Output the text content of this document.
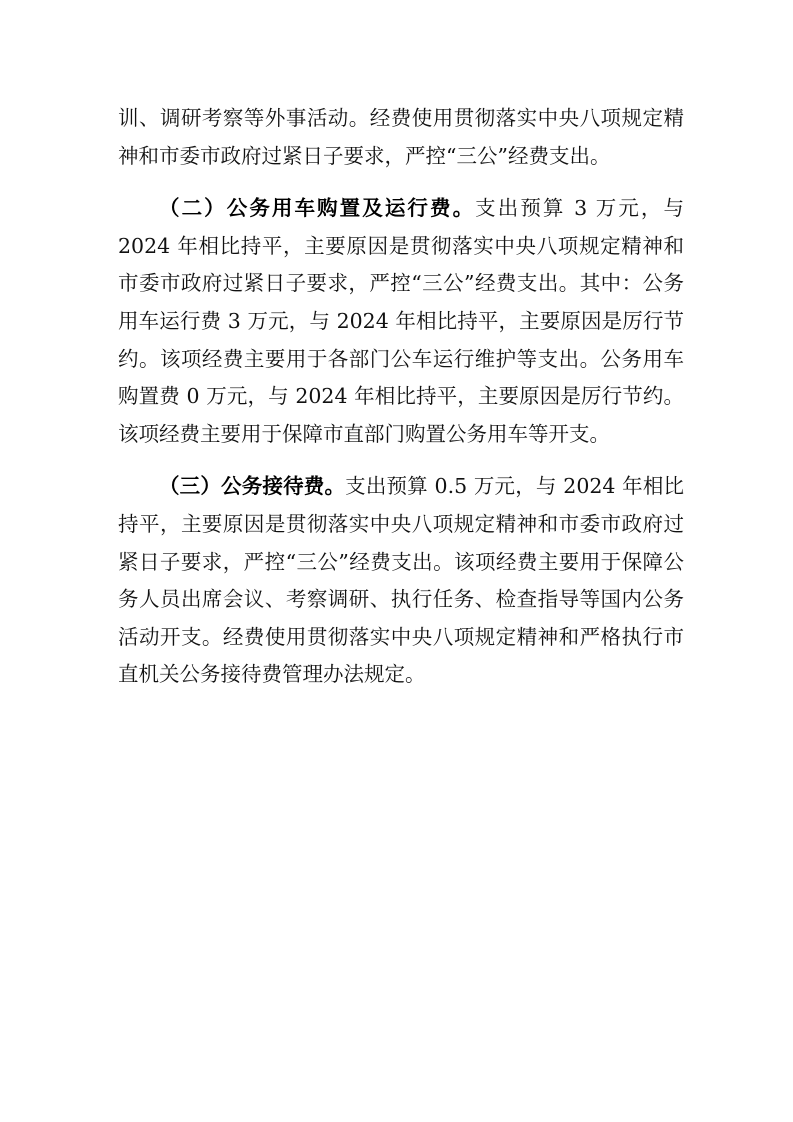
训、调研考察等外事活动。经费使用贯彻落实中央八项规定精神和市委市政府过紧日子要求，严控“三公”经费支出。

（二）公务用车购置及运行费。支出预算 3 万元，与 2024 年相比持平，主要原因是贯彻落实中央八项规定精神和市委市政府过紧日子要求，严控“三公”经费支出。其中：公务用车运行费 3 万元，与 2024 年相比持平，主要原因是厉行节约。该项经费主要用于各部门公车运行维护等支出。公务用车购置费 0 万元，与 2024 年相比持平，主要原因是厉行节约。该项经费主要用于保障市直部门购置公务用车等开支。

（三）公务接待费。支出预算 0.5 万元，与 2024 年相比持平，主要原因是贯彻落实中央八项规定精神和市委市政府过紧日子要求，严控“三公”经费支出。该项经费主要用于保障公务人员出席会议、考察调研、执行任务、检查指导等国内公务活动开支。经费使用贯彻落实中央八项规定精神和严格执行市直机关公务接待费管理办法规定。
